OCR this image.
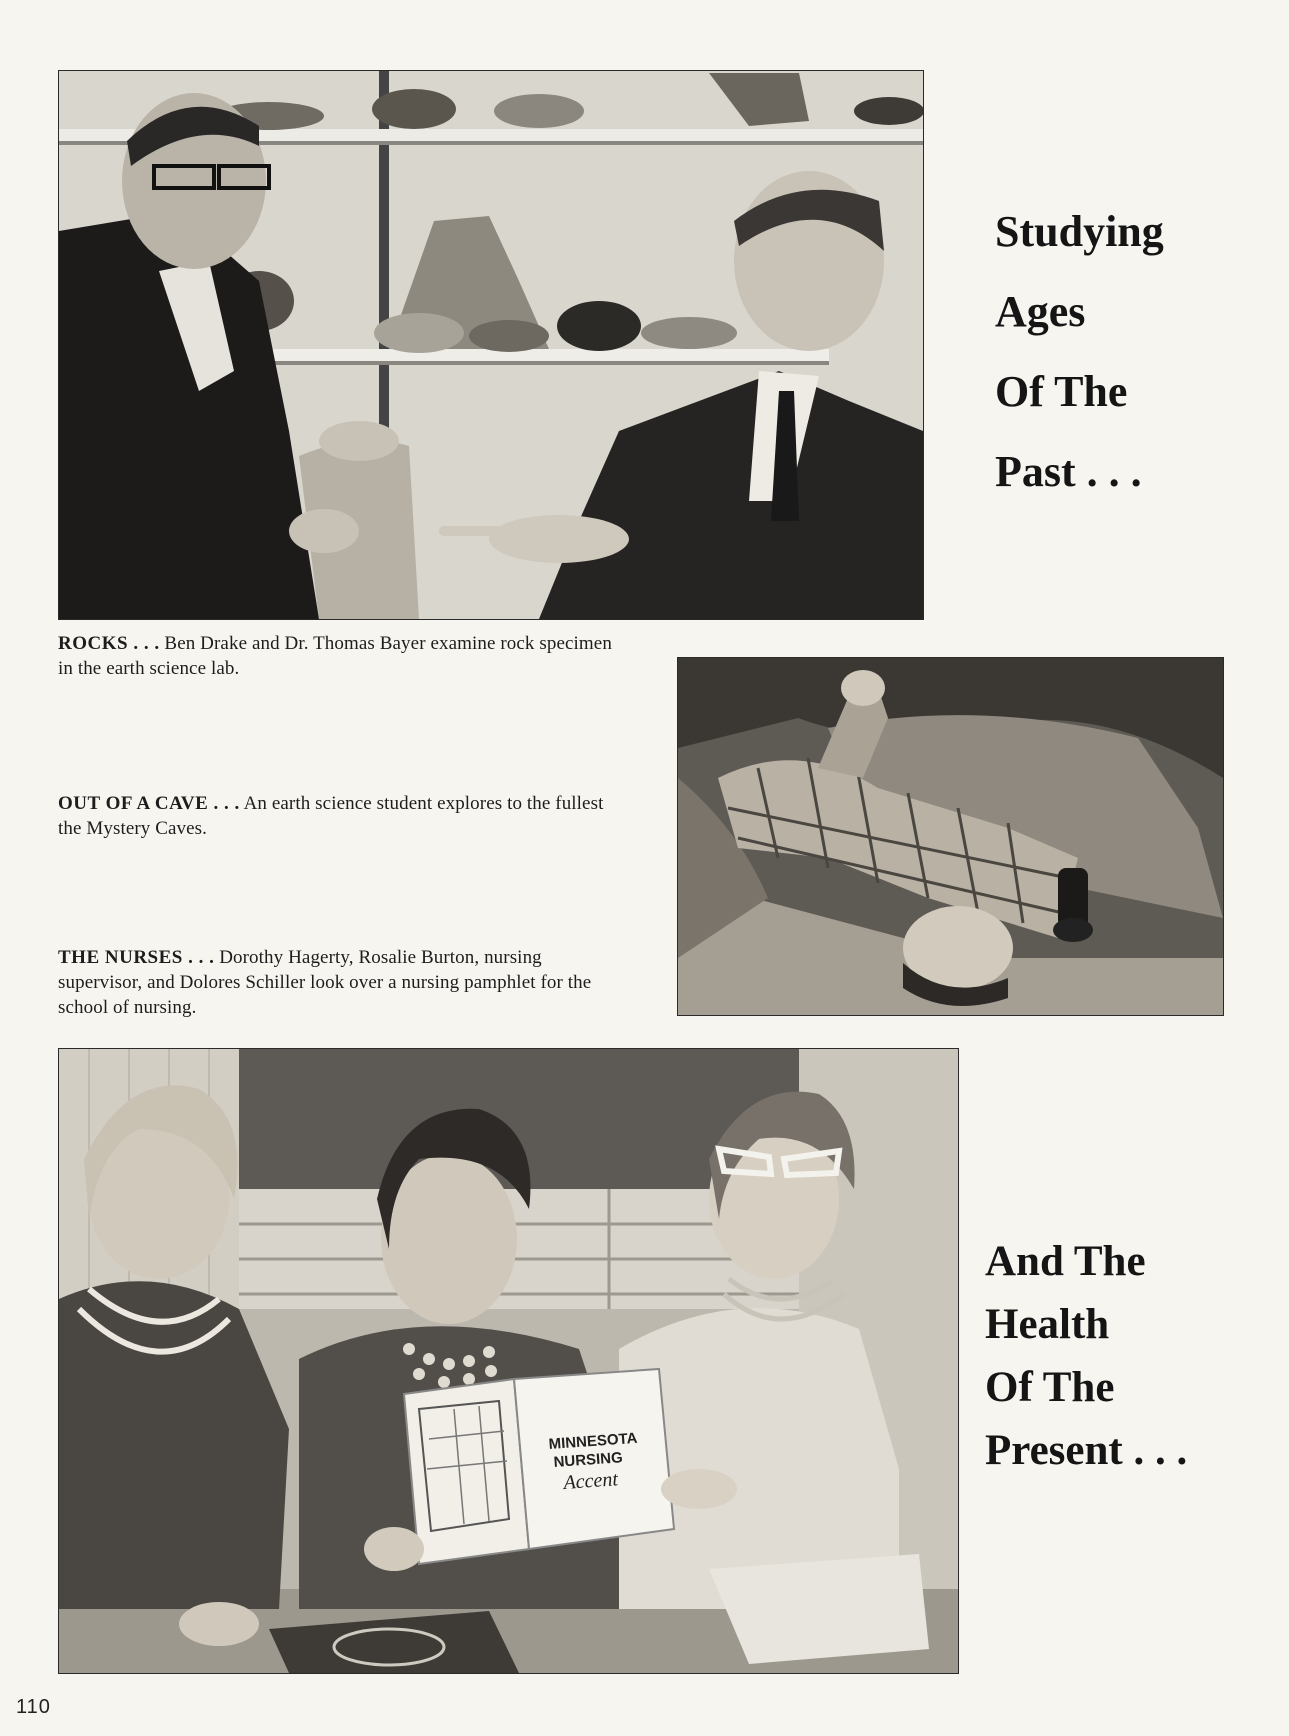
Studying
Ages
Of The
Past . . .
ROCKS . . . Ben Drake and Dr. Thomas Bayer examine rock specimen in the earth science lab.
OUT OF A CAVE . . . An earth science student explores to the fullest the Mystery Caves.
THE NURSES . . . Dorothy Hagerty, Rosalie Burton, nursing supervisor, and Dolores Schiller look over a nursing pamphlet for the school of nursing.
MINNESOTA
NURSING
Accent
And The
Health
Of The
Present . . .
110
